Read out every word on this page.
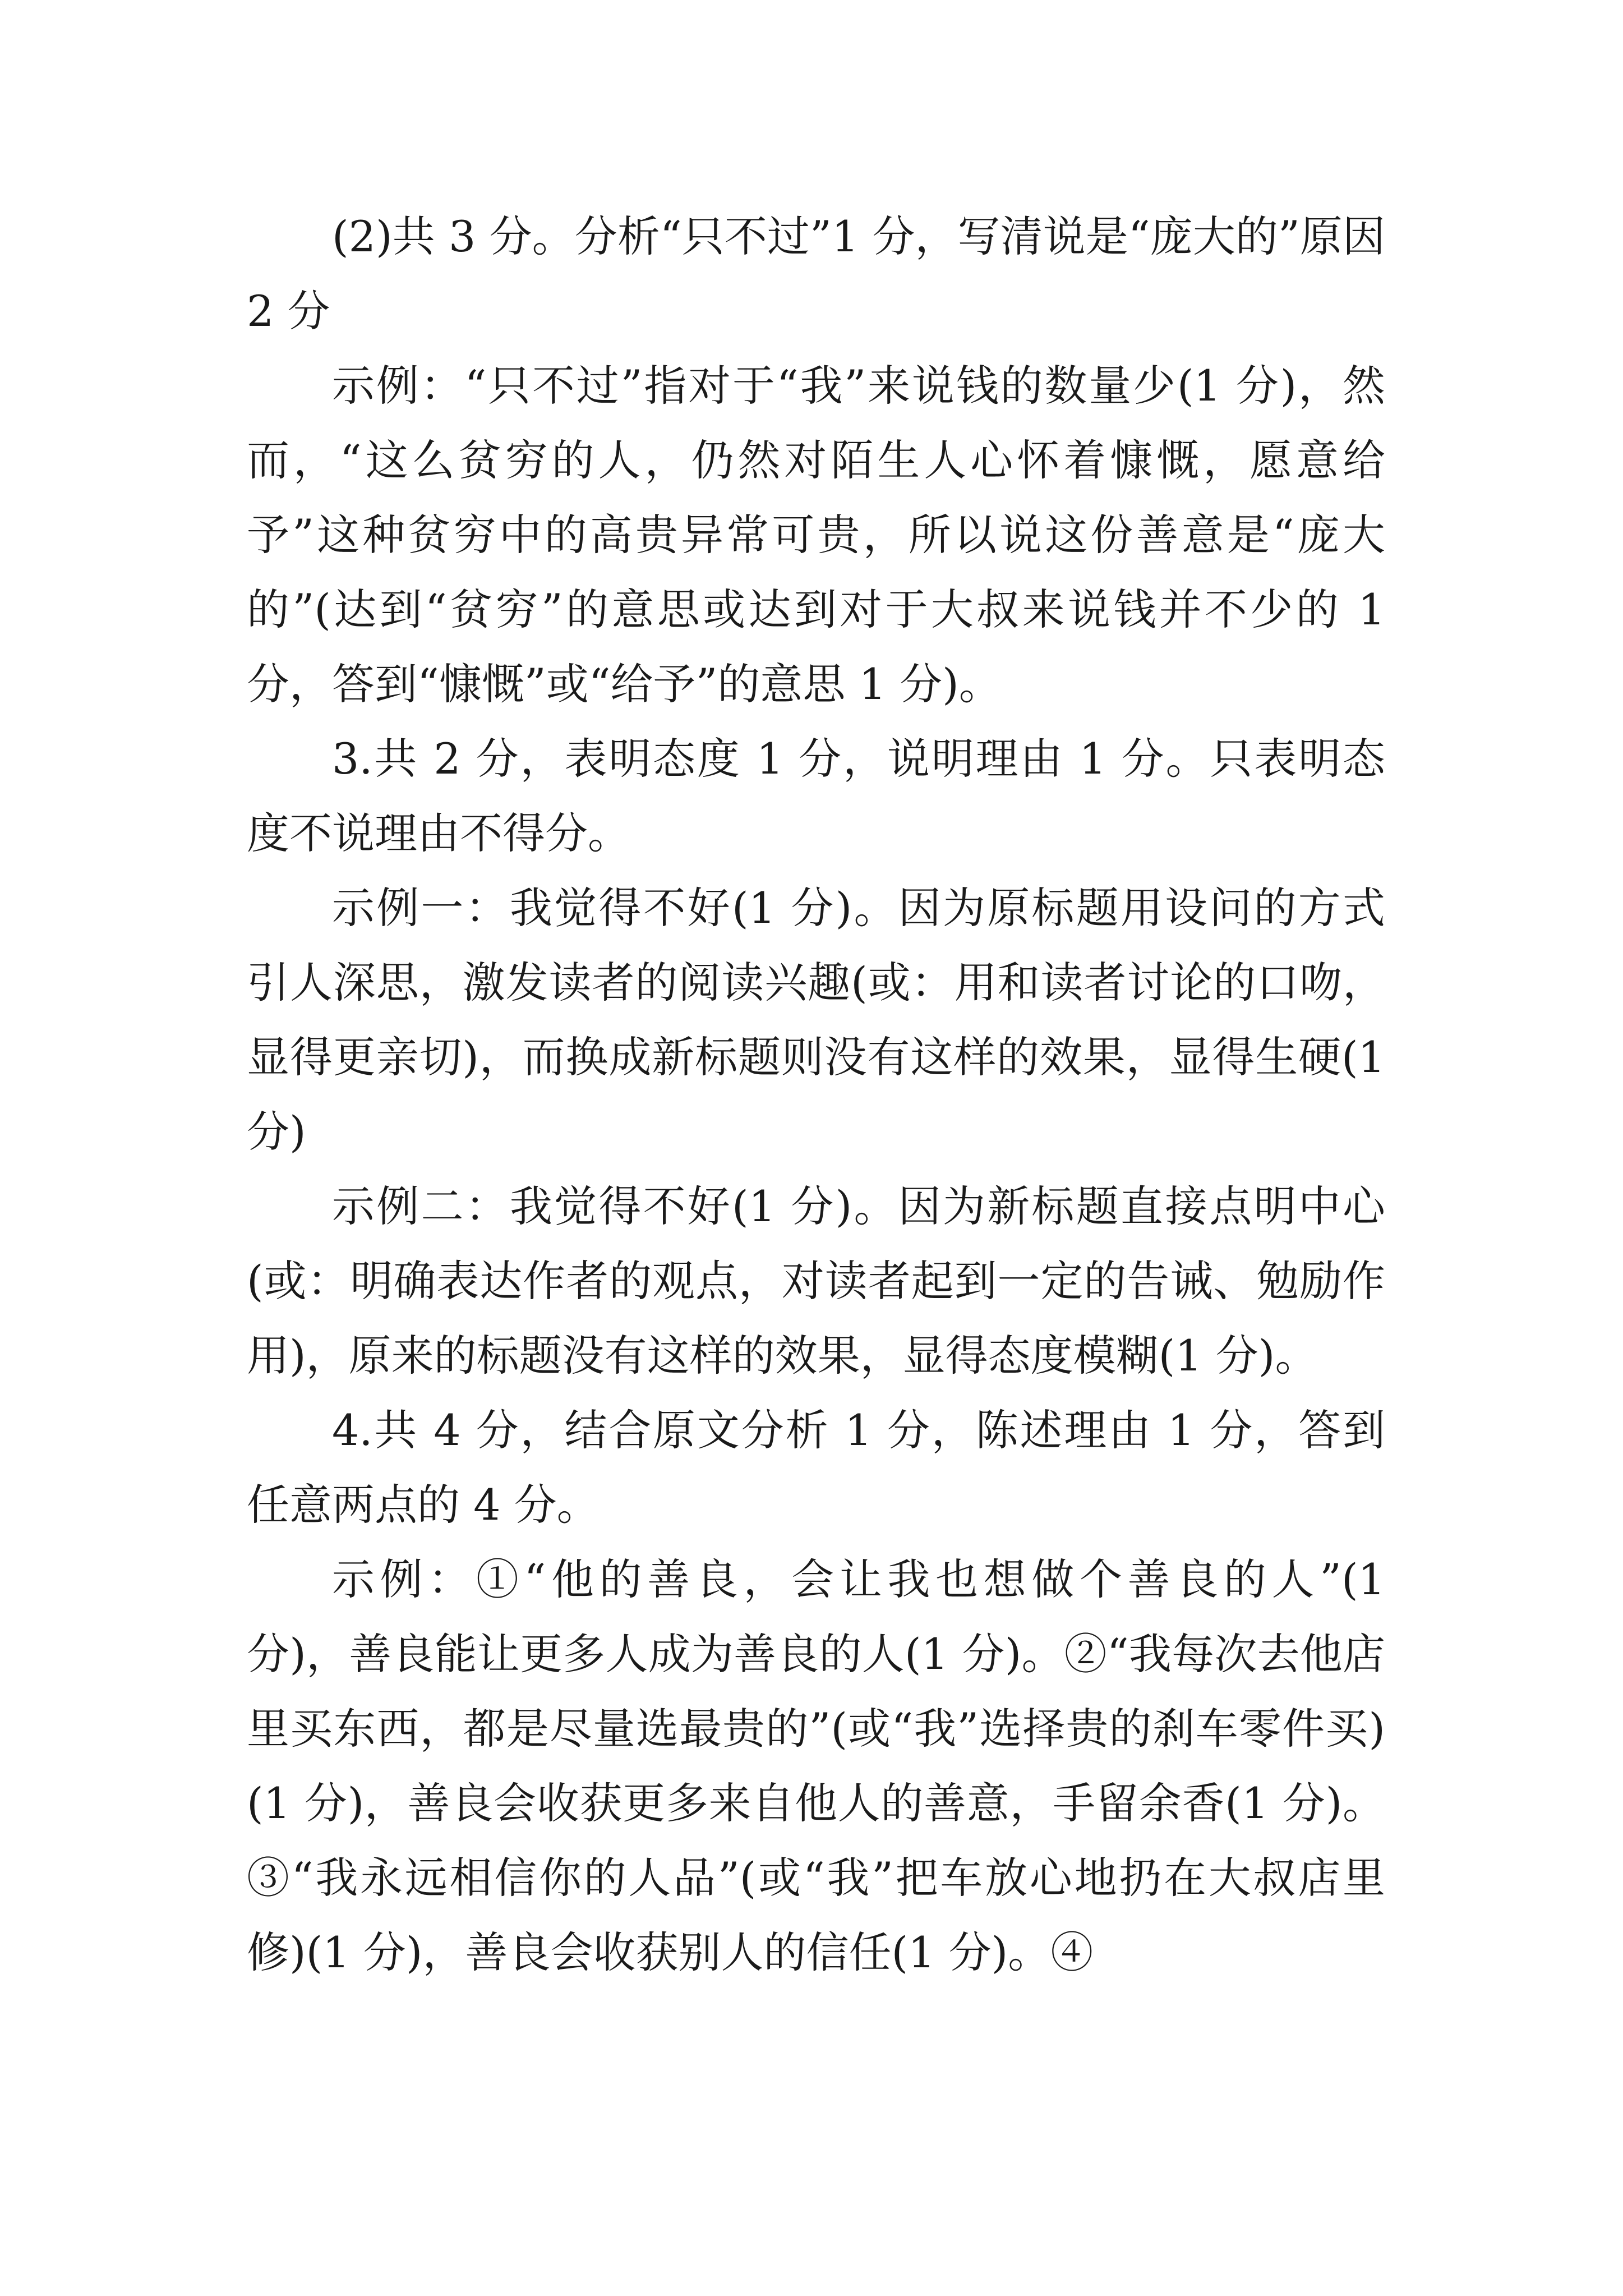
(2)共 3 分。分析“只不过”1 分，写清说是“庞大的”原因 2 分

示例：“只不过”指对于“我”来说钱的数量少(1 分)，然而，“这么贫穷的人，仍然对陌生人心怀着慷慨，愿意给予”这种贫穷中的高贵异常可贵，所以说这份善意是“庞大的”(达到“贫穷”的意思或达到对于大叔来说钱并不少的 1 分，答到“慷慨”或“给予”的意思 1 分)。

3.共 2 分，表明态度 1 分，说明理由 1 分。只表明态度不说理由不得分。

示例一：我觉得不好(1 分)。因为原标题用设问的方式引人深思，激发读者的阅读兴趣(或：用和读者讨论的口吻，显得更亲切)，而换成新标题则没有这样的效果，显得生硬(1 分)

示例二：我觉得不好(1 分)。因为新标题直接点明中心(或：明确表达作者的观点，对读者起到一定的告诫、勉励作用)，原来的标题没有这样的效果，显得态度模糊(1 分)。

4.共 4 分，结合原文分析 1 分，陈述理由 1 分，答到任意两点的 4 分。

示例：①“他的善良，会让我也想做个善良的人”(1 分)，善良能让更多人成为善良的人(1 分)。②“我每次去他店里买东西，都是尽量选最贵的”(或“我”选择贵的刹车零件买)(1 分)，善良会收获更多来自他人的善意，手留余香(1 分)。③“我永远相信你的人品”(或“我”把车放心地扔在大叔店里修)(1 分)，善良会收获别人的信任(1 分)。④
